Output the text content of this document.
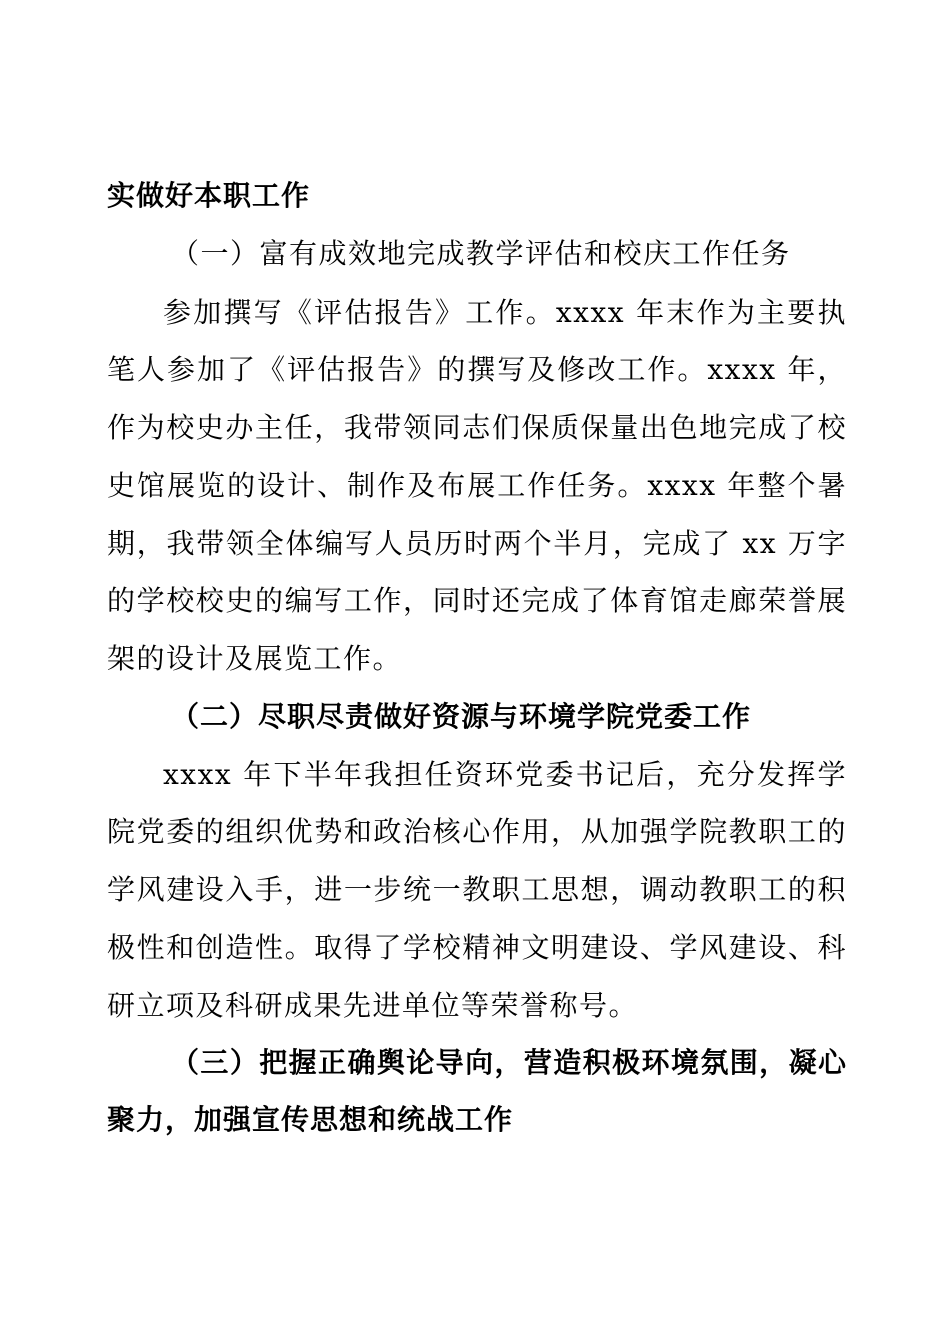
实做好本职工作
（一）富有成效地完成教学评估和校庆工作任务
参加撰写《评估报告》工作。xxxx 年末作为主要执
笔人参加了《评估报告》的撰写及修改工作。xxxx 年，
作为校史办主任，我带领同志们保质保量出色地完成了校
史馆展览的设计、制作及布展工作任务。xxxx 年整个暑
期，我带领全体编写人员历时两个半月，完成了 xx 万字
的学校校史的编写工作，同时还完成了体育馆走廊荣誉展
架的设计及展览工作。
（二）尽职尽责做好资源与环境学院党委工作
xxxx 年下半年我担任资环党委书记后，充分发挥学
院党委的组织优势和政治核心作用，从加强学院教职工的
学风建设入手，进一步统一教职工思想，调动教职工的积
极性和创造性。取得了学校精神文明建设、学风建设、科
研立项及科研成果先进单位等荣誉称号。
（三）把握正确舆论导向，营造积极环境氛围，凝心
聚力，加强宣传思想和统战工作
